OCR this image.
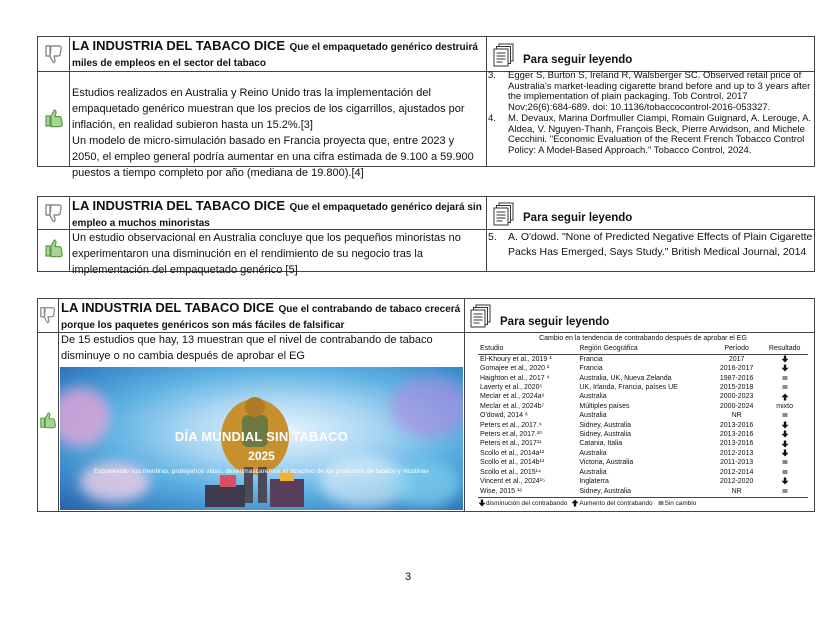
LA INDUSTRIA DEL TABACO DICE Que el empaquetado genérico destruirá miles de empleos en el sector del tabaco
Estudios realizados en Australia y Reino Unido tras la implementación del empaquetado genérico muestran que los precios de los cigarrillos, ajustados por inflación, en realidad subieron hasta un 15.2%.[3]
Un modelo de micro-simulación basado en Francia proyecta que, entre 2023 y 2050, el empleo general podría aumentar en una cifra estimada de 9.100 a 59.900 puestos a tiempo completo por año (mediana de 19.800).[4]
Para seguir leyendo
3.	Egger S, Burton S, Ireland R, Walsberger SC. Observed retail price of Australia's market-leading cigarette brand before and up to 3 years after the implementation of plain packaging. Tob Control. 2017 Nov;26(6):684-689. doi: 10.1136/tobaccocontrol-2016-053327.
4.	M. Devaux, Marina Dorfmuller Ciampi, Romain Guignard, A. Lerouge, A. Aldea, V. Nguyen-Thanh, François Beck, Pierre Arwidson, and Michele Cecchini. "Economic Evaluation of the Recent French Tobacco Control Policy: A Model-Based Approach." Tobacco Control, 2024.
LA INDUSTRIA DEL TABACO DICE Que el empaquetado genérico dejará sin empleo a muchos minoristas
Un estudio observacional en Australia concluye que los pequeños minoristas no experimentaron una disminución en el rendimiento de su negocio tras la implementación del empaquetado genérico [5]
Para seguir leyendo
5.	A. O'dowd. "None of Predicted Negative Effects of Plain Cigarette Packs Has Emerged, Says Study." British Medical Journal, 2014
LA INDUSTRIA DEL TABACO DICE Que el contrabando de tabaco crecerá porque los paquetes genéricos son más fáciles de falsificar
De 15 estudios que hay, 13 muestran que el nivel de contrabando de tabaco disminuye o no cambia después de aprobar el EG
DÍA MUNDIAL SIN TABACO
2025
Exponiendo sus mentiras, protejamos vidas: desenmascaremos el atractivo de los productos de tabaco y nicotina»
Para seguir leyendo
Cambio en la tendencia de contrabando después de aprobar el EG
Estudio	Región Geográfica	Período	Resultado
El-Khoury et al., 2019 ¹	Francia	2017	

Gomajee et al., 2020 ²	Francia	2016-2017	

Haighton et al., 2017 ⁴	Australia, UK, Nueva Zelanda	1987-2016	

Laverty et al., 2020⁵	UK, Irlanda, Francia, países UE	2015-2018	

Meclar et al., 2024a⁶	Australia	2000-2023	

Meclar et al., 2024b⁷	Múltiples países	2000-2024	mixto
O'dowd, 2014 ⁸	Australia	NR	

Peters et al., 2017.⁹	Sidney, Australia	2013-2016	

Peters et al, 2017.¹⁰	Sidney, Australia	2013-2016	

Peters et al., 2017¹¹	Catania, Italia	2013-2016	

Scollo et al., 2014a¹²	Australia	2012-2013	

Scollo et al., 2014b¹³	Victoria, Australia	2011-2013	

Scollo et al., 2015¹⁴	Australia	2012-2014	

Vincent et al., 2024¹⁵	Inglaterra	2012-2020	

Wise, 2015 ¹⁶	Sidney, Australia	NR	
disminución del contrabando Aumento del contrabando Sin cambio
3
